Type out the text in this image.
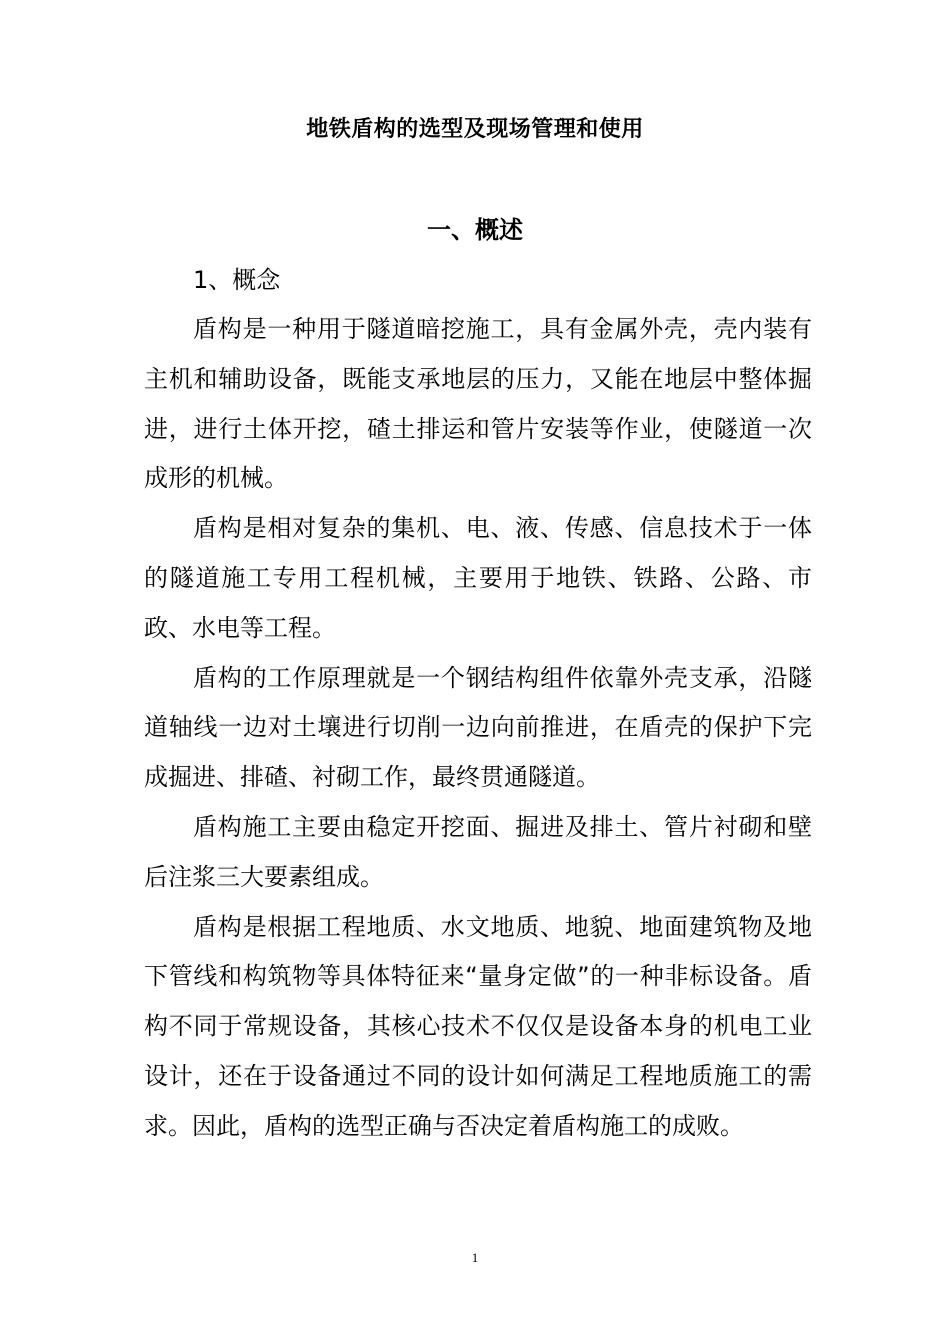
地铁盾构的选型及现场管理和使用
一、概述
1、概念

盾构是一种用于隧道暗挖施工，具有金属外壳，壳内装有主机和辅助设备，既能支承地层的压力，又能在地层中整体掘进，进行土体开挖，碴土排运和管片安装等作业，使隧道一次成形的机械。

盾构是相对复杂的集机、电、液、传感、信息技术于一体的隧道施工专用工程机械，主要用于地铁、铁路、公路、市政、水电等工程。

盾构的工作原理就是一个钢结构组件依靠外壳支承，沿隧道轴线一边对土壤进行切削一边向前推进，在盾壳的保护下完成掘进、排碴、衬砌工作，最终贯通隧道。

盾构施工主要由稳定开挖面、掘进及排土、管片衬砌和壁后注浆三大要素组成。

盾构是根据工程地质、水文地质、地貌、地面建筑物及地下管线和构筑物等具体特征来“量身定做”的一种非标设备。盾构不同于常规设备，其核心技术不仅仅是设备本身的机电工业设计，还在于设备通过不同的设计如何满足工程地质施工的需求。因此，盾构的选型正确与否决定着盾构施工的成败。

1
